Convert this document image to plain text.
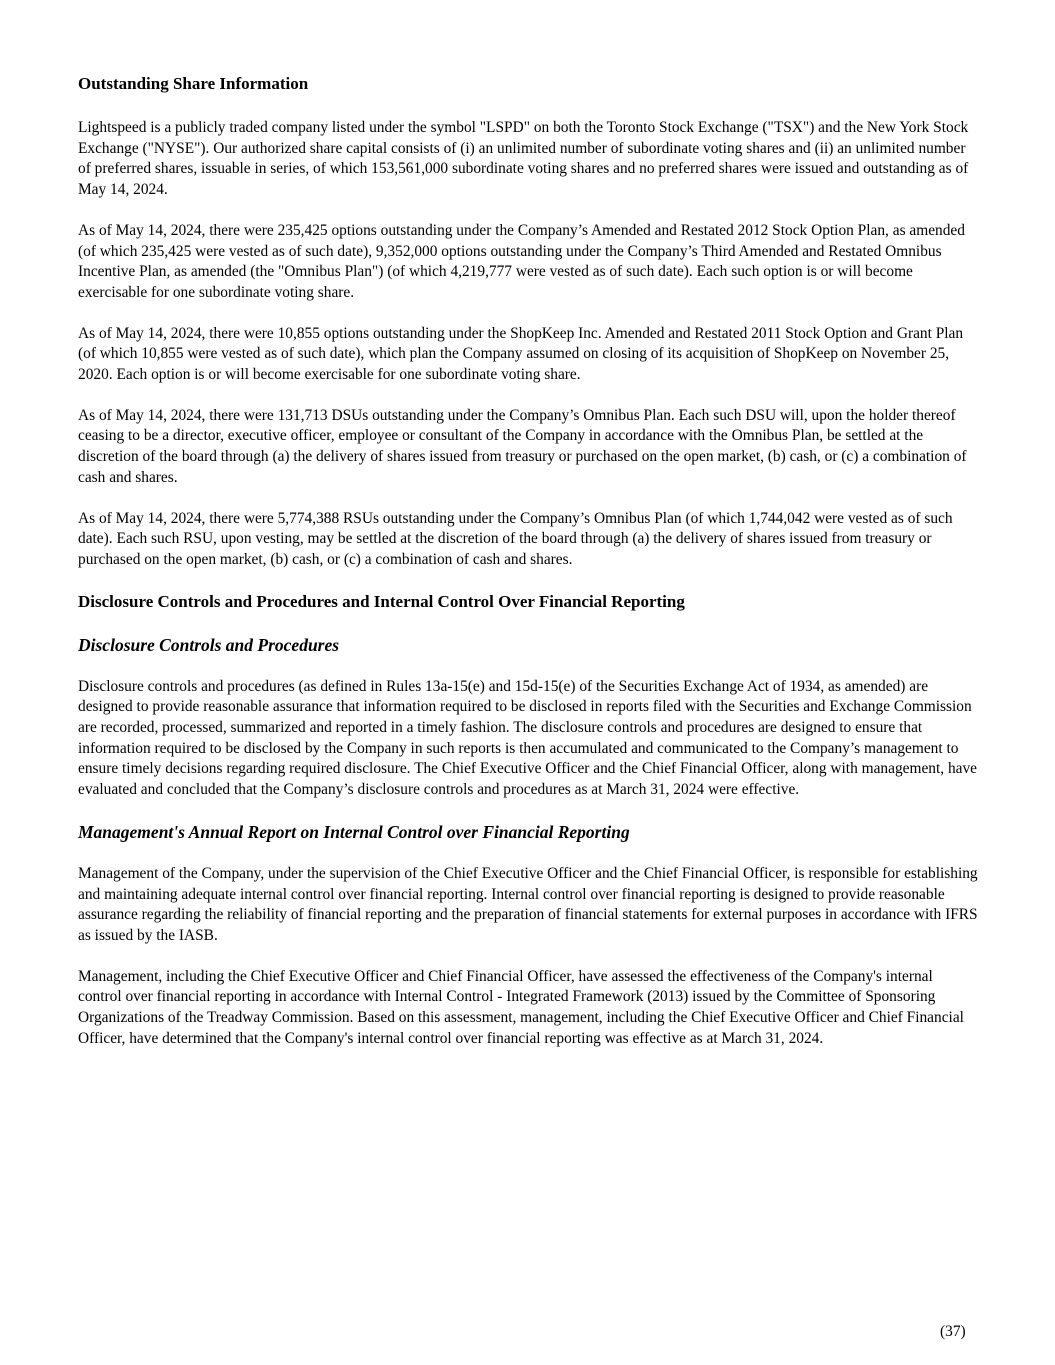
Outstanding Share Information

Lightspeed is a publicly traded company listed under the symbol "LSPD" on both the Toronto Stock Exchange ("TSX") and the New York Stock Exchange ("NYSE"). Our authorized share capital consists of (i) an unlimited number of subordinate voting shares and (ii) an unlimited number of preferred shares, issuable in series, of which 153,561,000 subordinate voting shares and no preferred shares were issued and outstanding as of May 14, 2024.

As of May 14, 2024, there were 235,425 options outstanding under the Company’s Amended and Restated 2012 Stock Option Plan, as amended (of which 235,425 were vested as of such date), 9,352,000 options outstanding under the Company’s Third Amended and Restated Omnibus Incentive Plan, as amended (the "Omnibus Plan") (of which 4,219,777 were vested as of such date). Each such option is or will become exercisable for one subordinate voting share.

As of May 14, 2024, there were 10,855 options outstanding under the ShopKeep Inc. Amended and Restated 2011 Stock Option and Grant Plan (of which 10,855 were vested as of such date), which plan the Company assumed on closing of its acquisition of ShopKeep on November 25, 2020. Each option is or will become exercisable for one subordinate voting share.

As of May 14, 2024, there were 131,713 DSUs outstanding under the Company’s Omnibus Plan. Each such DSU will, upon the holder thereof ceasing to be a director, executive officer, employee or consultant of the Company in accordance with the Omnibus Plan, be settled at the discretion of the board through (a) the delivery of shares issued from treasury or purchased on the open market, (b) cash, or (c) a combination of cash and shares.

As of May 14, 2024, there were 5,774,388 RSUs outstanding under the Company’s Omnibus Plan (of which 1,744,042 were vested as of such date). Each such RSU, upon vesting, may be settled at the discretion of the board through (a) the delivery of shares issued from treasury or purchased on the open market, (b) cash, or (c) a combination of cash and shares.

Disclosure Controls and Procedures and Internal Control Over Financial Reporting
Disclosure Controls and Procedures

Disclosure controls and procedures (as defined in Rules 13a-15(e) and 15d-15(e) of the Securities Exchange Act of 1934, as amended) are designed to provide reasonable assurance that information required to be disclosed in reports filed with the Securities and Exchange Commission are recorded, processed, summarized and reported in a timely fashion. The disclosure controls and procedures are designed to ensure that information required to be disclosed by the Company in such reports is then accumulated and communicated to the Company’s management to ensure timely decisions regarding required disclosure. The Chief Executive Officer and the Chief Financial Officer, along with management, have evaluated and concluded that the Company’s disclosure controls and procedures as at March 31, 2024 were effective.

Management's Annual Report on Internal Control over Financial Reporting

Management of the Company, under the supervision of the Chief Executive Officer and the Chief Financial Officer, is responsible for establishing and maintaining adequate internal control over financial reporting. Internal control over financial reporting is designed to provide reasonable assurance regarding the reliability of financial reporting and the preparation of financial statements for external purposes in accordance with IFRS as issued by the IASB.

Management, including the Chief Executive Officer and Chief Financial Officer, have assessed the effectiveness of the Company's internal control over financial reporting in accordance with Internal Control - Integrated Framework (2013) issued by the Committee of Sponsoring Organizations of the Treadway Commission. Based on this assessment, management, including the Chief Executive Officer and Chief Financial Officer, have determined that the Company's internal control over financial reporting was effective as at March 31, 2024.

(37)
